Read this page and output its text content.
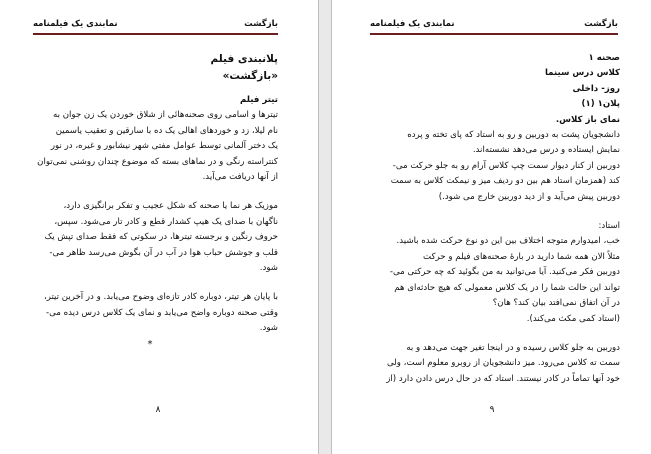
بازگشت
نمابندی یک فیلمنامه

پلانبندی فیلم

«بازگشت»

تیتر فیلم

تیترها و اسامی روی صحنه‌هائی از شلاق خوردن یک زن جوان به

نام لیلا، زد و خوردهای اهالی یک ده با سارقین و تعقیب یاسمین

یک دختر آلمانی توسط عوامل مفتی شهر نیشابور و غیره، در نور

کنتراسته رنگی و در نماهای بسته که موضوع چندان روشنی نمی‌توان

از آنها دریافت می‌آید.

موزیک هر نما یا صحنه که شکل عجیب و تفکر برانگیزی دارد،

ناگهان با صدای یک هیپ کشدار قطع و کادر تار می‌شود. سپس،

حروف رنگین و برجسته تیترها، در سکوتی که فقط صدای تپش یک

قلب و جوشش حباب هوا در آب در آن بگوش می‌رسد ظاهر می-

شود.

با پایان هر تیتر، دوباره کادر تازه‌ای وضوح می‌یابد. و در آخرین تیتر،

وقتی صحنه دوباره واضح می‌یابد و نمای یک کلاس درس دیده می-

شود.

*

۸
بازگشت
نمابندی یک فیلمنامه

صحنه ۱

کلاس درس سینما

روز- داخلی

پلان۱ (۱)

نمای باز کلاس.

دانشجویان پشت به دوربین و رو به استاد که پای تخته و پرده

نمایش ایستاده و درس می‌دهد نشسته‌اند.

دوربین از کنار دیوار سمت چپ کلاس آرام رو به جلو حرکت می-

کند (همزمان استاد هم بین دو ردیف میز و نیمکت کلاس به سمت

دوربین پیش می‌آید و از دید دوربین خارج می شود.)

استاد:

خب، امیدوارم متوجه اختلاف بین این دو نوع حرکت شده باشید.

مثلاً الان همه شما دارید در بارهٔ صحنه‌های فیلم و حرکت

دوربین فکر می‌کنید. آیا می‌توانید به من بگوئید که چه حرکتی می-

تواند این حالت شما را در یک کلاس معمولی که هیچ حادثه‌ای هم

در آن اتفاق نمی‌افتد بیان کند؟ هان؟

(استاد کمی مکث می‌کند).

دوربین به جلو کلاس رسیده و در اینجا تغیر جهت می‌دهد و به

سمت ته کلاس می‌رود. میز دانشجویان از روبرو معلوم است، ولی

خود آنها تماماً در کادر نیستند. استاد که در حال درس دادن دارد (از

۹
